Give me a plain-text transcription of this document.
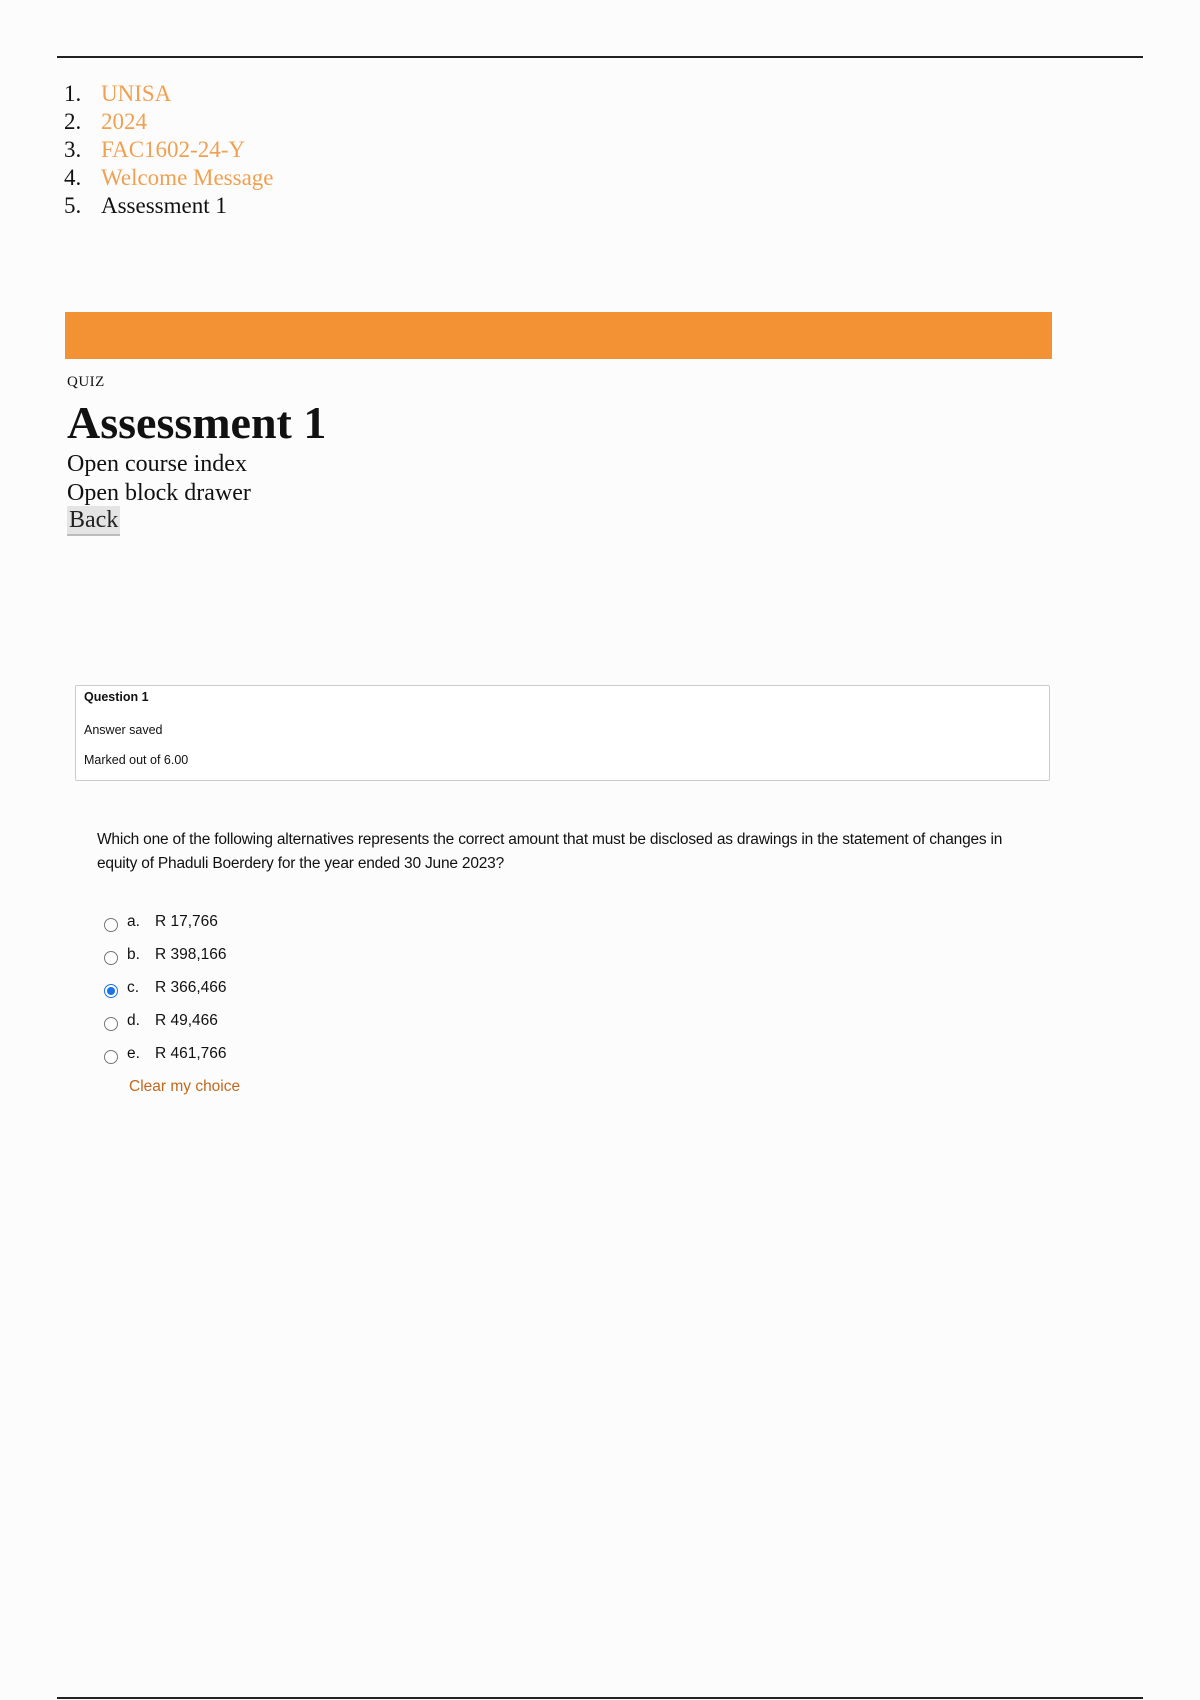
1. UNISA
2. 2024
3. FAC1602-24-Y
4. Welcome Message
5. Assessment 1
QUIZ
Assessment 1
Open course index
Open block drawer
Back
Question 1
Answer saved
Marked out of 6.00
Which one of the following alternatives represents the correct amount that must be disclosed as drawings in the statement of changes in equity of Phaduli Boerdery for the year ended 30 June 2023?
a. R 17,766
b. R 398,166
c.	R 366,466
d. R 49,466
e. R 461,766
Clear my choice
